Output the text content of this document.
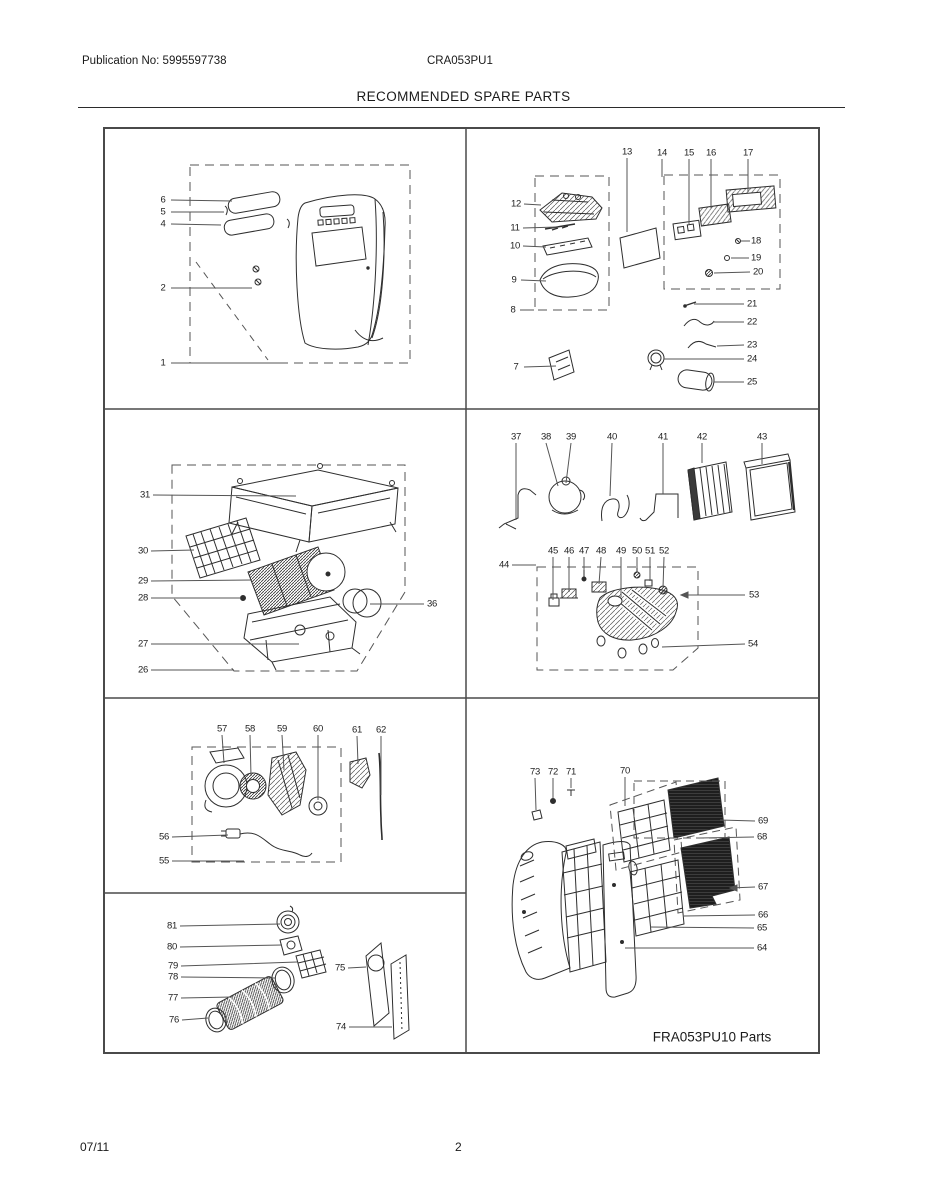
Publication No: 5995597738	CRA053PU1
RECOMMENDED SPARE PARTS
6
5
4
2
1
13	14 15 16	17
12
11
10
9
8
7
18
19
20
21
22
23
24
25
31
30
29
28
27
26
36
37 38 39	40	41	42	43
44
45 46 47 48 49 50 51 52
53
54
57 58 59	60	61 62
56
55
81
80
79
78
77
76
75
74
73 72 71	70
69
68
67
66
65
64
FRA053PU10 Parts
07/11	2
